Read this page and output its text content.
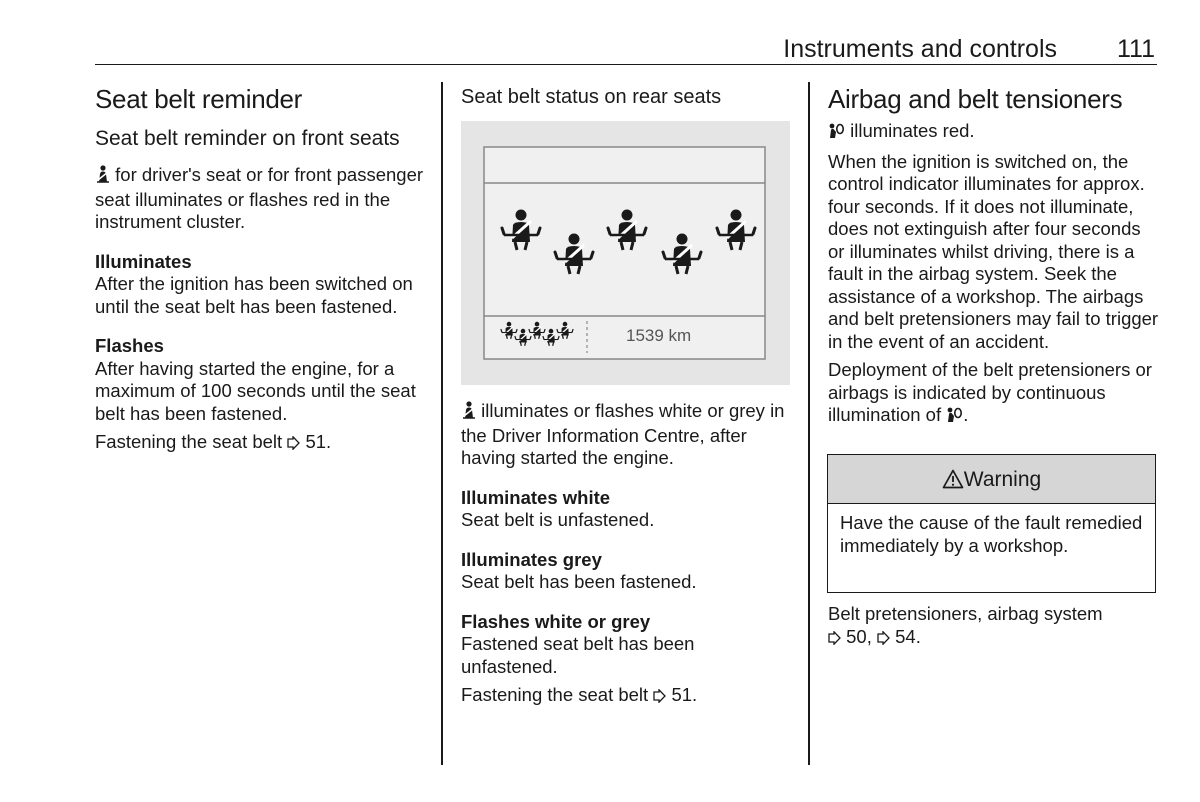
Instruments and controls 111
Seat belt reminder
Seat belt reminder on front seats

for driver's seat or for front passenger seat illuminates or flashes red in the instrument cluster.

Illuminates
After the ignition has been switched on until the seat belt has been fastened.

Flashes
After having started the engine, for a maximum of 100 seconds until the seat belt has been fastened.

Fastening the seat belt  51.

Seat belt status on rear seats
1539 km

illuminates or flashes white or grey in the Driver Information Centre, after having started the engine.

Illuminates white
Seat belt is unfastened.

Illuminates grey
Seat belt has been fastened.

Flashes white or grey
Fastened seat belt has been unfastened.

Fastening the seat belt  51.

Airbag and belt tensioners

illuminates red.

When the ignition is switched on, the control indicator illuminates for approx. four seconds. If it does not illuminate, does not extinguish after four seconds or illuminates whilst driving, there is a fault in the airbag system. Seek the assistance of a workshop. The airbags and belt pretensioners may fail to trigger in the event of an accident.

Deployment of the belt pretensioners or airbags is indicated by continuous illumination of .

Warning
Have the cause of the fault remedied immediately by a workshop.

Belt pretensioners, airbag system
50,  54.
